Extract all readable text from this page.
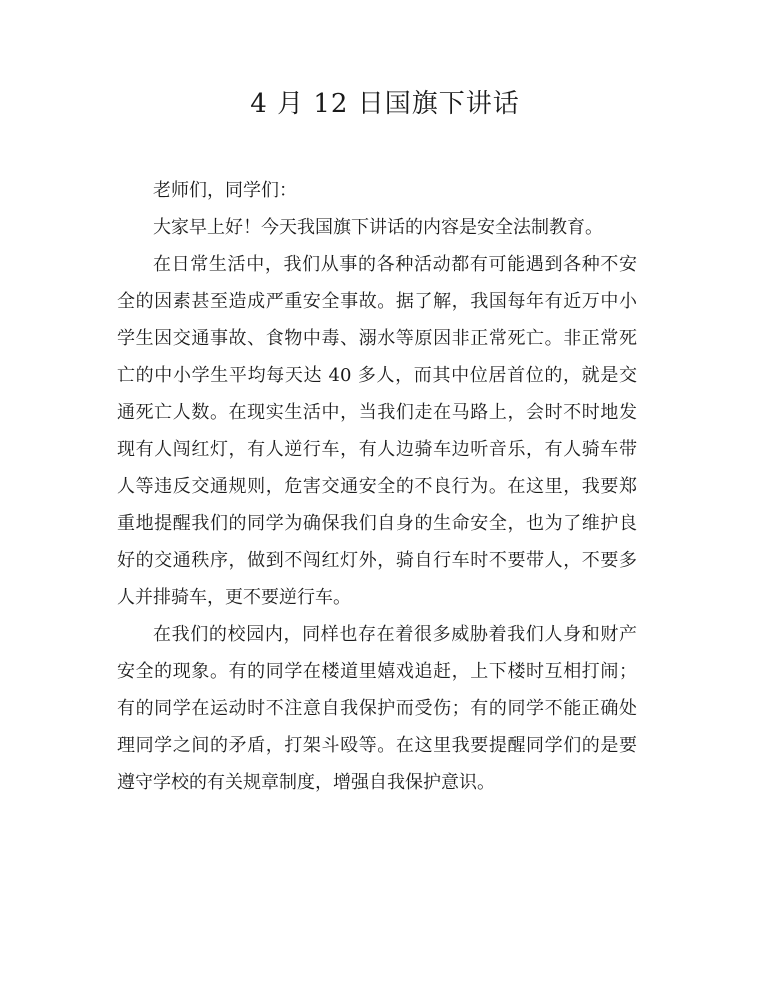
4 月 12 日国旗下讲话

老师们，同学们：

大家早上好！今天我国旗下讲话的内容是安全法制教育。

在日常生活中，我们从事的各种活动都有可能遇到各种不安全的因素甚至造成严重安全事故。据了解，我国每年有近万中小学生因交通事故、食物中毒、溺水等原因非正常死亡。非正常死亡的中小学生平均每天达 40 多人，而其中位居首位的，就是交通死亡人数。在现实生活中，当我们走在马路上，会时不时地发现有人闯红灯，有人逆行车，有人边骑车边听音乐，有人骑车带人等违反交通规则，危害交通安全的不良行为。在这里，我要郑重地提醒我们的同学为确保我们自身的生命安全，也为了维护良好的交通秩序，做到不闯红灯外，骑自行车时不要带人，不要多人并排骑车，更不要逆行车。

在我们的校园内，同样也存在着很多威胁着我们人身和财产安全的现象。有的同学在楼道里嬉戏追赶，上下楼时互相打闹；有的同学在运动时不注意自我保护而受伤；有的同学不能正确处理同学之间的矛盾，打架斗殴等。在这里我要提醒同学们的是要遵守学校的有关规章制度，增强自我保护意识。
